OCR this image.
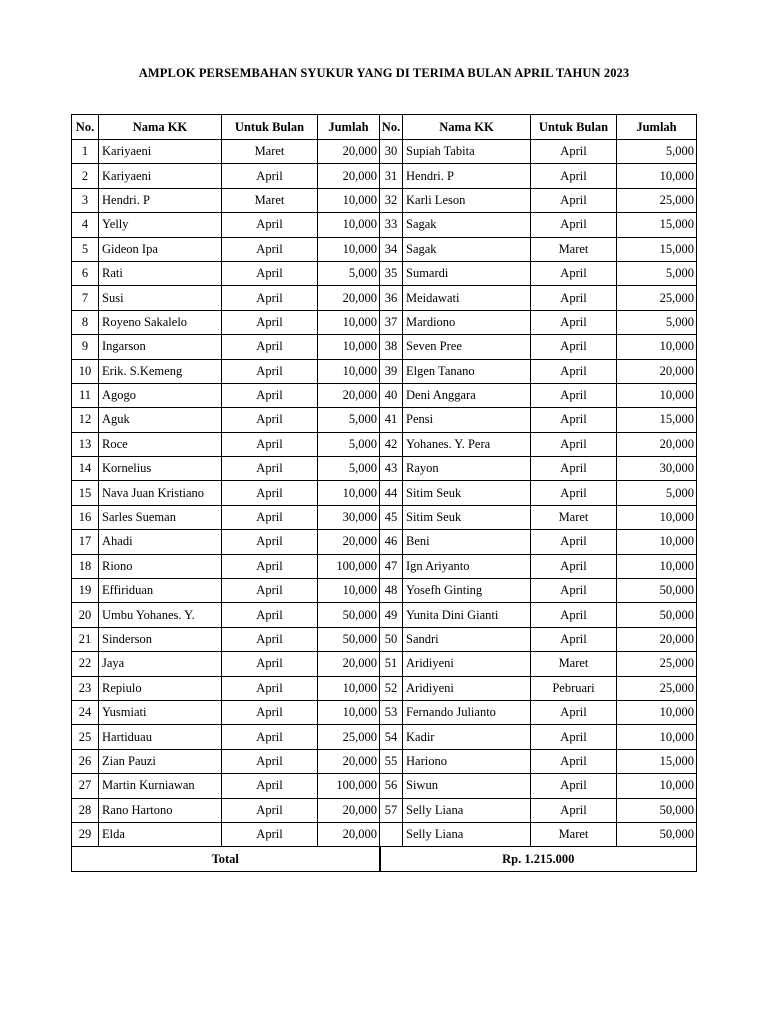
AMPLOK PERSEMBAHAN SYUKUR YANG DI TERIMA BULAN APRIL TAHUN 2023
No.	Nama KK	Untuk Bulan	Jumlah	No.	Nama KK	Untuk Bulan	Jumlah
1	Kariyaeni	Maret	20,000	30	Supiah Tabita	April	5,000
2	Kariyaeni	April	20,000	31	Hendri. P	April	10,000
3	Hendri. P	Maret	10,000	32	Karli Leson	April	25,000
4	Yelly	April	10,000	33	Sagak	April	15,000
5	Gideon Ipa	April	10,000	34	Sagak	Maret	15,000
6	Rati	April	5,000	35	Sumardi	April	5,000
7	Susi	April	20,000	36	Meidawati	April	25,000
8	Royeno Sakalelo	April	10,000	37	Mardiono	April	5,000
9	Ingarson	April	10,000	38	Seven Pree	April	10,000
10	Erik. S.Kemeng	April	10,000	39	Elgen Tanano	April	20,000
11	Agogo	April	20,000	40	Deni Anggara	April	10,000
12	Aguk	April	5,000	41	Pensi	April	15,000
13	Roce	April	5,000	42	Yohanes. Y. Pera	April	20,000
14	Kornelius	April	5,000	43	Rayon	April	30,000
15	Nava Juan Kristiano	April	10,000	44	Sitim Seuk	April	5,000
16	Sarles Sueman	April	30,000	45	Sitim Seuk	Maret	10,000
17	Ahadi	April	20,000	46	Beni	April	10,000
18	Riono	April	100,000	47	Ign Ariyanto	April	10,000
19	Effiriduan	April	10,000	48	Yosefh Ginting	April	50,000
20	Umbu Yohanes. Y.	April	50,000	49	Yunita Dini Gianti	April	50,000
21	Sinderson	April	50,000	50	Sandri	April	20,000
22	Jaya	April	20,000	51	Aridiyeni	Maret	25,000
23	Repiulo	April	10,000	52	Aridiyeni	Pebruari	25,000
24	Yusmiati	April	10,000	53	Fernando Julianto	April	10,000
25	Hartiduau	April	25,000	54	Kadir	April	10,000
26	Zian Pauzi	April	20,000	55	Hariono	April	15,000
27	Martin Kurniawan	April	100,000	56	Siwun	April	10,000
28	Rano Hartono	April	20,000	57	Selly Liana	April	50,000
29	Elda	April	20,000		Selly Liana	Maret	50,000
Total				Rp. 1.215.000			
